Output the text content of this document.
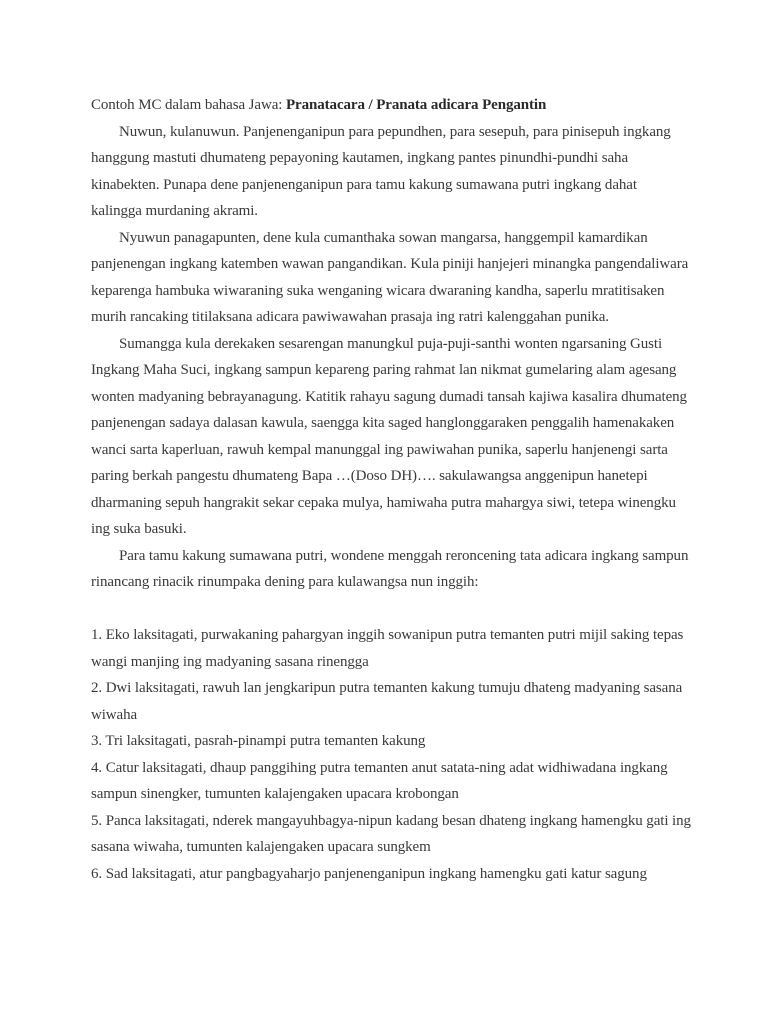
Contoh MC dalam bahasa Jawa: Pranatacara / Pranata adicara Pengantin

Nuwun, kulanuwun. Panjenenganipun para pepundhen, para sesepuh, para pinisepuh ingkang hanggung mastuti dhumateng pepayoning kautamen, ingkang pantes pinundhi-pundhi saha kinabekten. Punapa dene panjenenganipun para tamu kakung sumawana putri ingkang dahat kalingga murdaning akrami.

Nyuwun panagapunten, dene kula cumanthaka sowan mangarsa, hanggempil kamardikan panjenengan ingkang katemben wawan pangandikan. Kula piniji hanjejeri minangka pangendaliwara keparenga hambuka wiwaraning suka wenganing wicara dwaraning kandha, saperlu mratitisaken murih rancaking titilaksana adicara pawiwawahan prasaja ing ratri kalenggahan punika.

Sumangga kula derekaken sesarengan manungkul puja-puji-santhi wonten ngarsaning Gusti Ingkang Maha Suci, ingkang sampun kepareng paring rahmat lan nikmat gumelaring alam agesang wonten madyaning bebrayanagung. Katitik rahayu sagung dumadi tansah kajiwa kasalira dhumateng panjenengan sadaya dalasan kawula, saengga kita saged hanglonggaraken penggalih hamenakaken wanci sarta kaperluan, rawuh kempal manunggal ing pawiwahan punika, saperlu hanjenengi sarta paring berkah pangestu dhumateng Bapa …(Doso DH)…. sakulawangsa anggenipun hanetepi dharmaning sepuh hangrakit sekar cepaka mulya, hamiwaha putra mahargya siwi, tetepa winengku ing suka basuki.

Para tamu kakung sumawana putri, wondene menggah reroncening tata adicara ingkang sampun rinancang rinacik rinumpaka dening para kulawangsa nun inggih:

1. Eko laksitagati, purwakaning pahargyan inggih sowanipun putra temanten putri mijil saking tepas wangi manjing ing madyaning sasana rinengga
2. Dwi laksitagati, rawuh lan jengkaripun putra temanten kakung tumuju dhateng madyaning sasana wiwaha
3. Tri laksitagati, pasrah-pinampi putra temanten kakung
4. Catur laksitagati, dhaup panggihing putra temanten anut satata-ning adat widhiwadana ingkang sampun sinengker, tumunten kalajengaken upacara krobongan
5. Panca laksitagati, nderek mangayuhbagya-nipun kadang besan dhateng ingkang hamengku gati ing sasana wiwaha, tumunten kalajengaken upacara sungkem
6. Sad laksitagati, atur pangbagyaharjo panjenenganipun ingkang hamengku gati katur sagung
